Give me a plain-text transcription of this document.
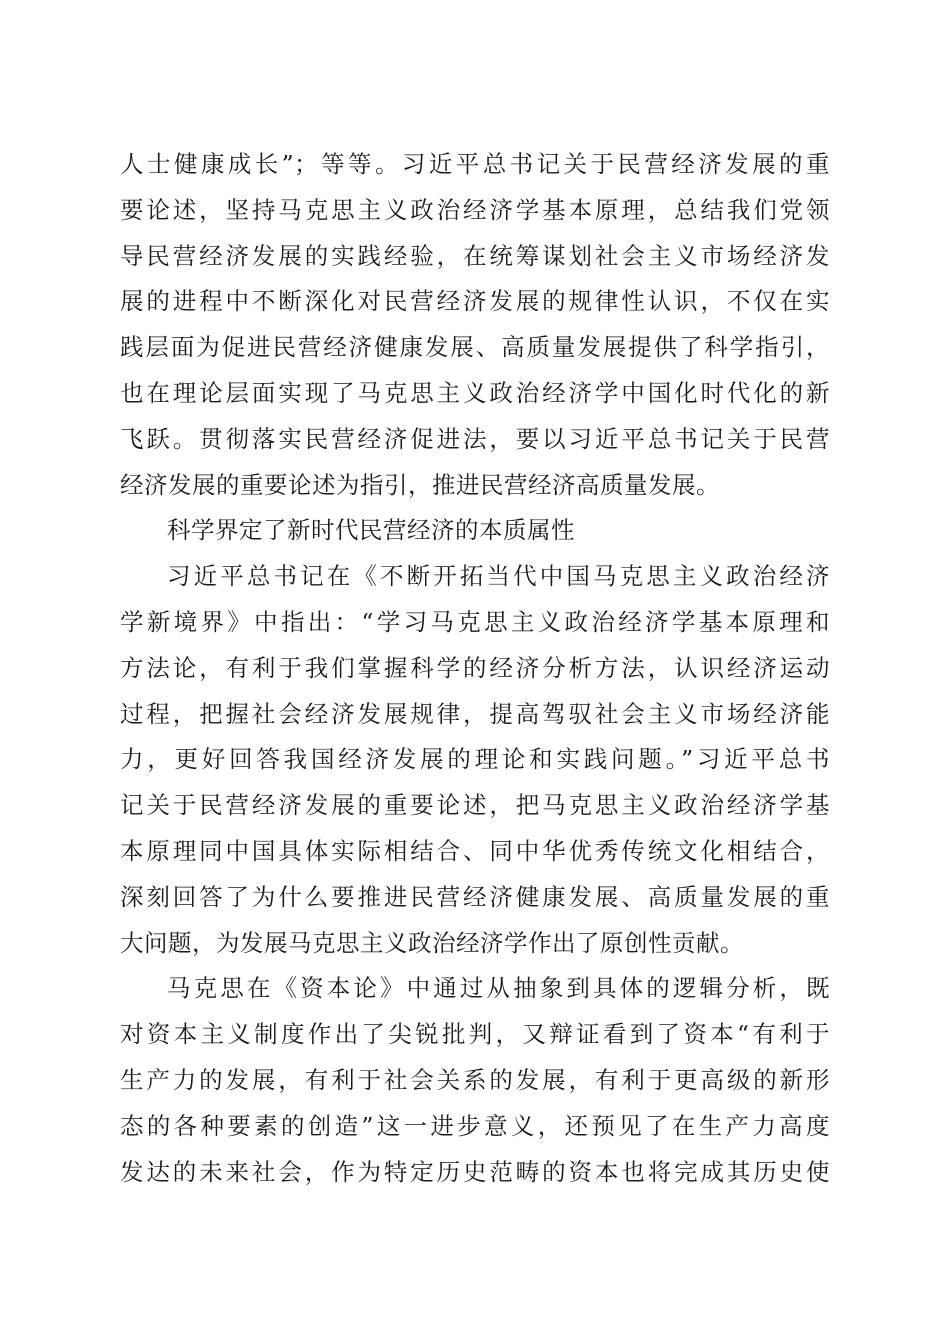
人士健康成长”；等等。习近平总书记关于民营经济发展的重
要论述，坚持马克思主义政治经济学基本原理，总结我们党领
导民营经济发展的实践经验，在统筹谋划社会主义市场经济发
展的进程中不断深化对民营经济发展的规律性认识，不仅在实
践层面为促进民营经济健康发展、高质量发展提供了科学指引，
也在理论层面实现了马克思主义政治经济学中国化时代化的新
飞跃。贯彻落实民营经济促进法，要以习近平总书记关于民营
经济发展的重要论述为指引，推进民营经济高质量发展。
科学界定了新时代民营经济的本质属性
习近平总书记在《不断开拓当代中国马克思主义政治经济
学新境界》中指出：“学习马克思主义政治经济学基本原理和
方法论，有利于我们掌握科学的经济分析方法，认识经济运动
过程，把握社会经济发展规律，提高驾驭社会主义市场经济能
力，更好回答我国经济发展的理论和实践问题。”习近平总书
记关于民营经济发展的重要论述，把马克思主义政治经济学基
本原理同中国具体实际相结合、同中华优秀传统文化相结合，
深刻回答了为什么要推进民营经济健康发展、高质量发展的重
大问题，为发展马克思主义政治经济学作出了原创性贡献。
马克思在《资本论》中通过从抽象到具体的逻辑分析，既
对资本主义制度作出了尖锐批判，又辩证看到了资本“有利于
生产力的发展，有利于社会关系的发展，有利于更高级的新形
态的各种要素的创造”这一进步意义，还预见了在生产力高度
发达的未来社会，作为特定历史范畴的资本也将完成其历史使
